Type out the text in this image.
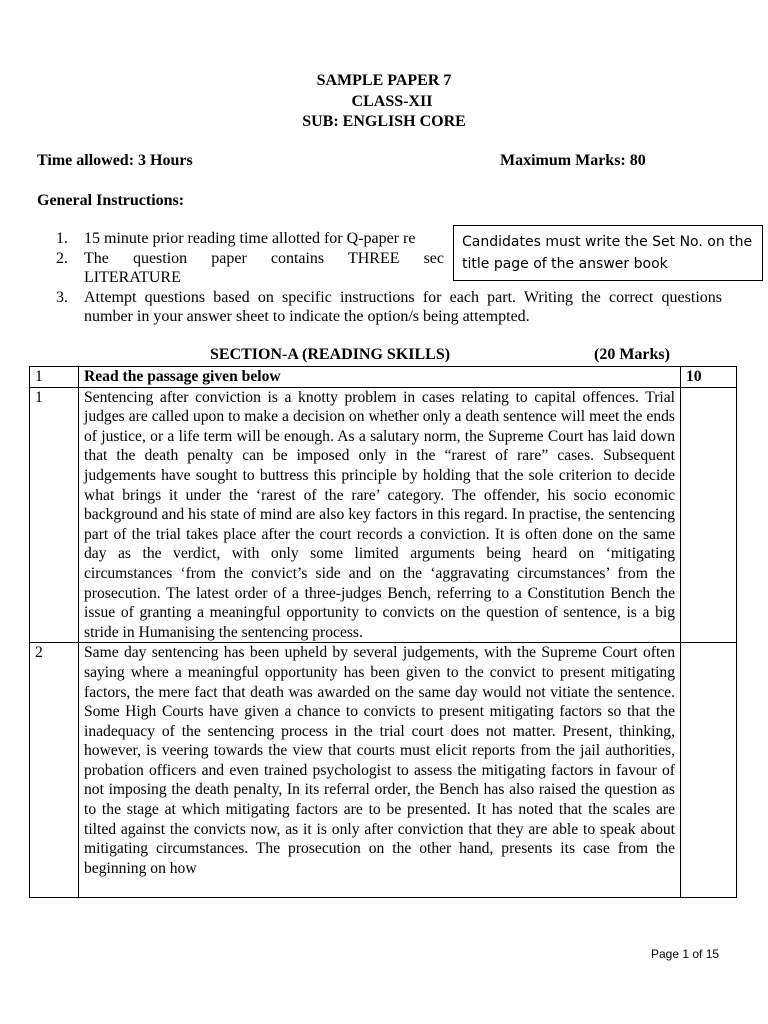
SAMPLE PAPER 7
CLASS-XII
SUB: ENGLISH CORE
Time allowed: 3 Hours	Maximum Marks: 80
General Instructions:
1. 15 minute prior reading time allotted for Q-paper re
2. The question paper contains THREE sec LITERATURE
3. Attempt questions based on specific instructions for each part. Writing the correct questions number in your answer sheet to indicate the option/s being attempted.
Candidates must write the Set No. on the title page of the answer book
SECTION-A (READING SKILLS)	(20 Marks)
1	Read the passage given below	10
1	Sentencing after conviction is a knotty problem in cases relating to capital offences. Trial judges are called upon to make a decision on whether only a death sentence will meet the ends of justice, or a life term will be enough. As a salutary norm, the Supreme Court has laid down that the death penalty can be imposed only in the “rarest of rare” cases. Subsequent judgements have sought to buttress this principle by holding that the sole criterion to decide what brings it under the ‘rarest of the rare’ category. The offender, his socio economic background and his state of mind are also key factors in this regard. In practise, the sentencing part of the trial takes place after the court records a conviction. It is often done on the same day as the verdict, with only some limited arguments being heard on ‘mitigating circumstances ‘from the convict’s side and on the ‘aggravating circumstances’ from the prosecution. The latest order of a three-judges Bench, referring to a Constitution Bench the issue of granting a meaningful opportunity to convicts on the question of sentence, is a big stride in Humanising the sentencing process.	
2	Same day sentencing has been upheld by several judgements, with the Supreme Court often saying where a meaningful opportunity has been given to the convict to present mitigating factors, the mere fact that death was awarded on the same day would not vitiate the sentence. Some High Courts have given a chance to convicts to present mitigating factors so that the inadequacy of the sentencing process in the trial court does not matter. Present, thinking, however, is veering towards the view that courts must elicit reports from the jail authorities, probation officers and even trained psychologist to assess the mitigating factors in favour of not imposing the death penalty, In its referral order, the Bench has also raised the question as to the stage at which mitigating factors are to be presented. It has noted that the scales are tilted against the convicts now, as it is only after conviction that they are able to speak about mitigating circumstances. The prosecution on the other hand, presents its case from the beginning on how	

Page 1 of 15
